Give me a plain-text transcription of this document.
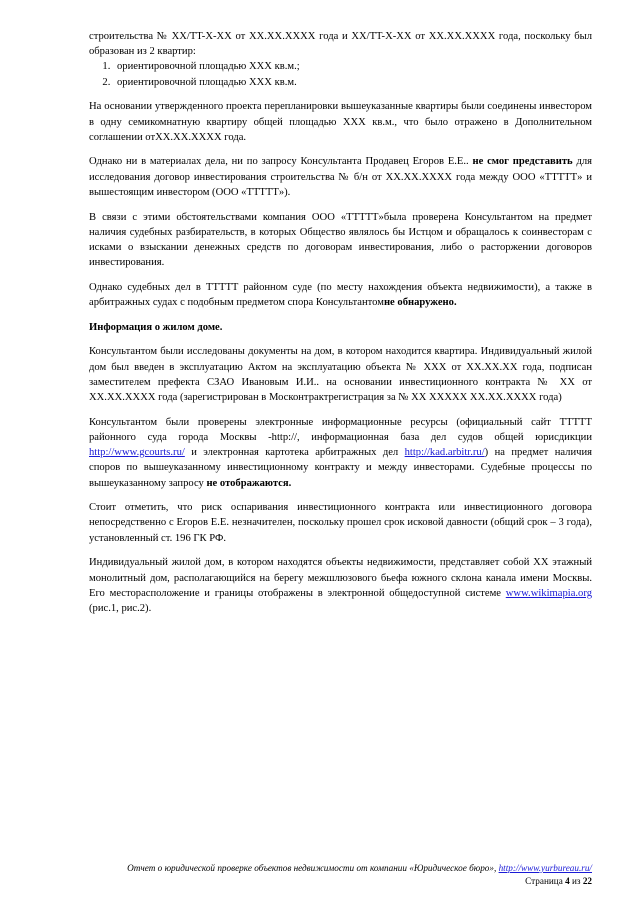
строительства № XX/TT-X-XX от XX.XX.XXXX года и XX/TT-X-XX от XX.XX.XXXX года, поскольку был образован из 2 квартир:

1. ориентировочной площадью XXX кв.м.;
2. ориентировочной площадью XXX кв.м.

На основании утвержденного проекта перепланировки вышеуказанные квартиры были соединены инвестором в одну семикомнатную квартиру общей площадью XXX кв.м., что было отражено в Дополнительном соглашении отXX.XX.XXXX года.

Однако ни в материалах дела, ни по запросу Консультанта Продавец Егоров Е.Е.. не смог представить для исследования договор инвестирования строительства № б/н от XX.XX.XXXX года между ООО «TTTTT» и вышестоящим инвестором (ООО «TTTTT»).

В связи с этими обстоятельствами компания ООО «TTTTT»была проверена Консультантом на предмет наличия судебных разбирательств, в которых Общество являлось бы Истцом и обращалось к соинвесторам с исками о взыскании денежных средств по договорам инвестирования, либо о расторжении договоров инвестирования.

Однако судебных дел в TTTTT районном суде (по месту нахождения объекта недвижимости), а также в арбитражных судах с подобным предметом спора Консультантомне обнаружено.

Информация о жилом доме.

Консультантом были исследованы документы на дом, в котором находится квартира. Индивидуальный жилой дом был введен в эксплуатацию Актом на эксплуатацию объекта № XXX от XX.XX.XX года, подписан заместителем префекта СЗАО Ивановым И.И.. на основании инвестиционного контракта № XX от XX.XX.XXXX года (зарегистрирован в Москонтрактрегистрация за № XX XXXXX XX.XX.XXXX года)

Консультантом были проверены электронные информационные ресурсы (официальный сайт TTTTT районного суда города Москвы -http://, информационная база дел судов общей юрисдикции http://www.gcourts.ru/ и электронная картотека арбитражных дел http://kad.arbitr.ru/) на предмет наличия споров по вышеуказанному инвестиционному контракту и между инвесторами. Судебные процессы по вышеуказанному запросу не отображаются.

Стоит отметить, что риск оспаривания инвестиционного контракта или инвестиционного договора непосредственно с Егоров Е.Е. незначителен, поскольку прошел срок исковой давности (общий срок – 3 года), установленный ст. 196 ГК РФ.

Индивидуальный жилой дом, в котором находятся объекты недвижимости, представляет собой XX этажный монолитный дом, располагающийся на берегу межшлюзового бьефа южного склона канала имени Москвы. Его месторасположение и границы отображены в электронной общедоступной системе www.wikimapia.org (рис.1, рис.2).

Отчет о юридической проверке объектов недвижимости от компании «Юридическое бюро», http://www.yurbureau.ru/
Страница 4 из 22
